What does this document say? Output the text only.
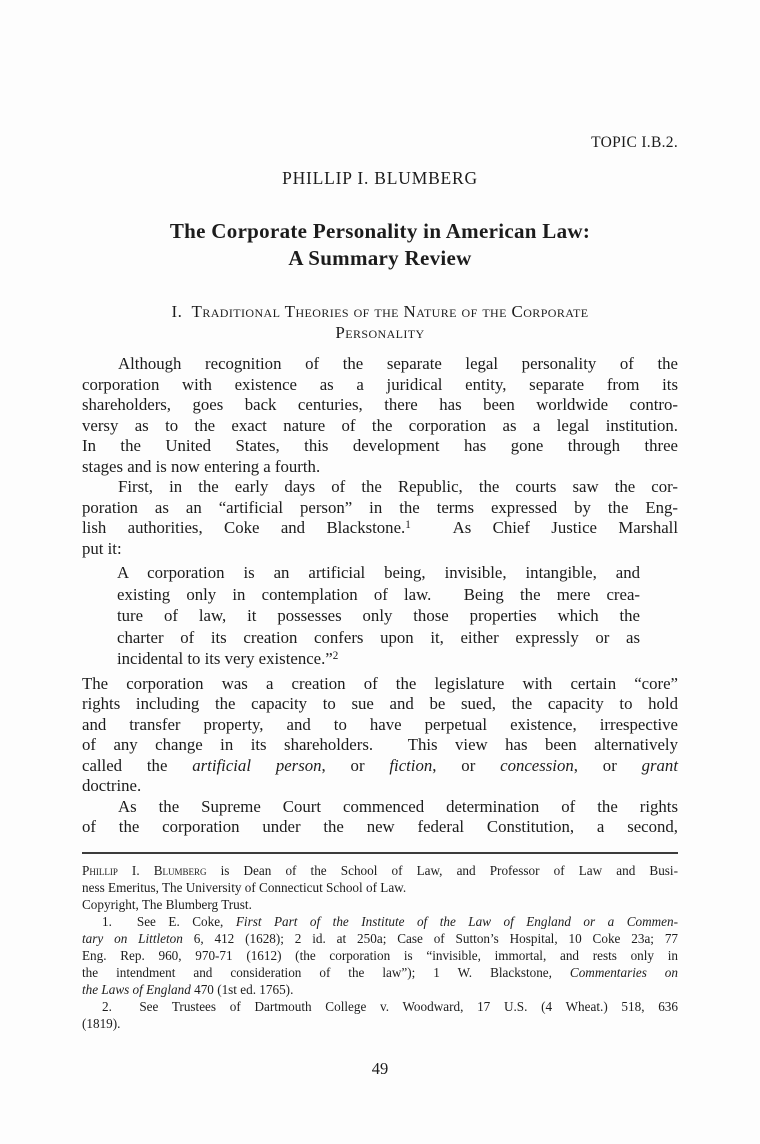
TOPIC I.B.2.
PHILLIP I. BLUMBERG
The Corporate Personality in American Law:
A Summary Review
I.  Traditional Theories of the Nature of the Corporate
Personality
Although recognition of the separate legal personality of the
corporation with existence as a juridical entity, separate from its
shareholders, goes back centuries, there has been worldwide contro-
versy as to the exact nature of the corporation as a legal institution.
In the United States, this development has gone through three
stages and is now entering a fourth.
First, in the early days of the Republic, the courts saw the cor-
poration as an “artificial person” in the terms expressed by the Eng-
lish authorities, Coke and Blackstone.$^1$  As Chief Justice Marshall
put it:
A corporation is an artificial being, invisible, intangible, and
existing only in contemplation of law.  Being the mere crea-
ture of law, it possesses only those properties which the
charter of its creation confers upon it, either expressly or as
incidental to its very existence.”$^2$
The corporation was a creation of the legislature with certain “core”
rights including the capacity to sue and be sued, the capacity to hold
and transfer property, and to have perpetual existence, irrespective
of any change in its shareholders.  This view has been alternatively
called the artificial person, or fiction, or concession, or grant
doctrine.
As the Supreme Court commenced determination of the rights
of the corporation under the new federal Constitution, a second,
Phillip I. Blumberg is Dean of the School of Law, and Professor of Law and Busi-
ness Emeritus, The University of Connecticut School of Law.
Copyright, The Blumberg Trust.
1.  See E. Coke, First Part of the Institute of the Law of England or a Commen-
tary on Littleton 6, 412 (1628); 2 id. at 250a; Case of Sutton’s Hospital, 10 Coke 23a; 77
Eng. Rep. 960, 970-71 (1612) (the corporation is “invisible, immortal, and rests only in
the intendment and consideration of the law”); 1 W. Blackstone, Commentaries on
the Laws of England 470 (1st ed. 1765).
2.  See Trustees of Dartmouth College v. Woodward, 17 U.S. (4 Wheat.) 518, 636
(1819).
49
